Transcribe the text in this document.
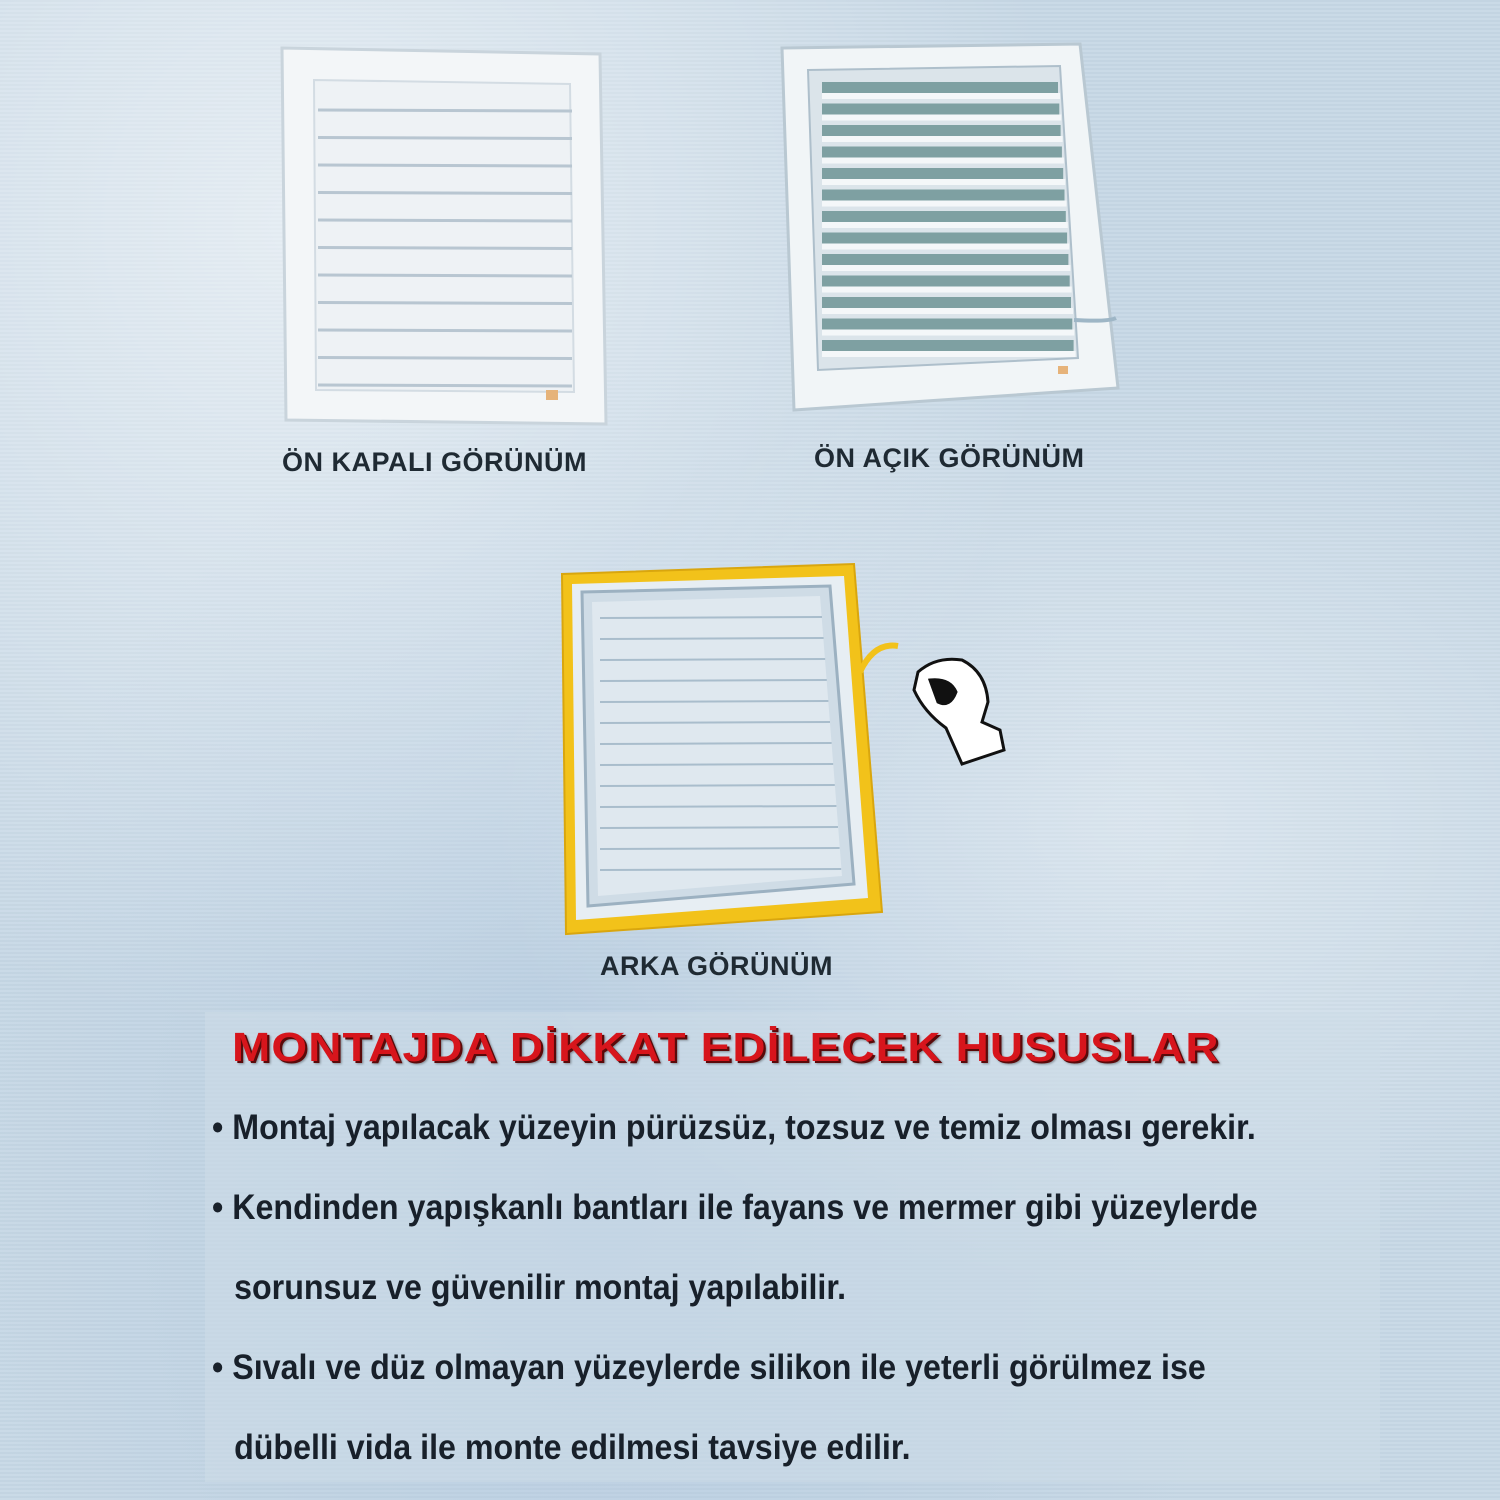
ÖN KAPALI GÖRÜNÜM	ÖN AÇIK GÖRÜNÜM
ARKA GÖRÜNÜM
MONTAJDA DİKKAT EDİLECEK HUSUSLAR
• Montaj yapılacak yüzeyin pürüzsüz, tozsuz ve temiz olması gerekir.
• Kendinden yapışkanlı bantları ile fayans ve mermer gibi yüzeylerde
sorunsuz ve güvenilir montaj yapılabilir.
• Sıvalı ve düz olmayan yüzeylerde silikon ile yeterli görülmez ise
dübelli vida ile monte edilmesi tavsiye edilir.
